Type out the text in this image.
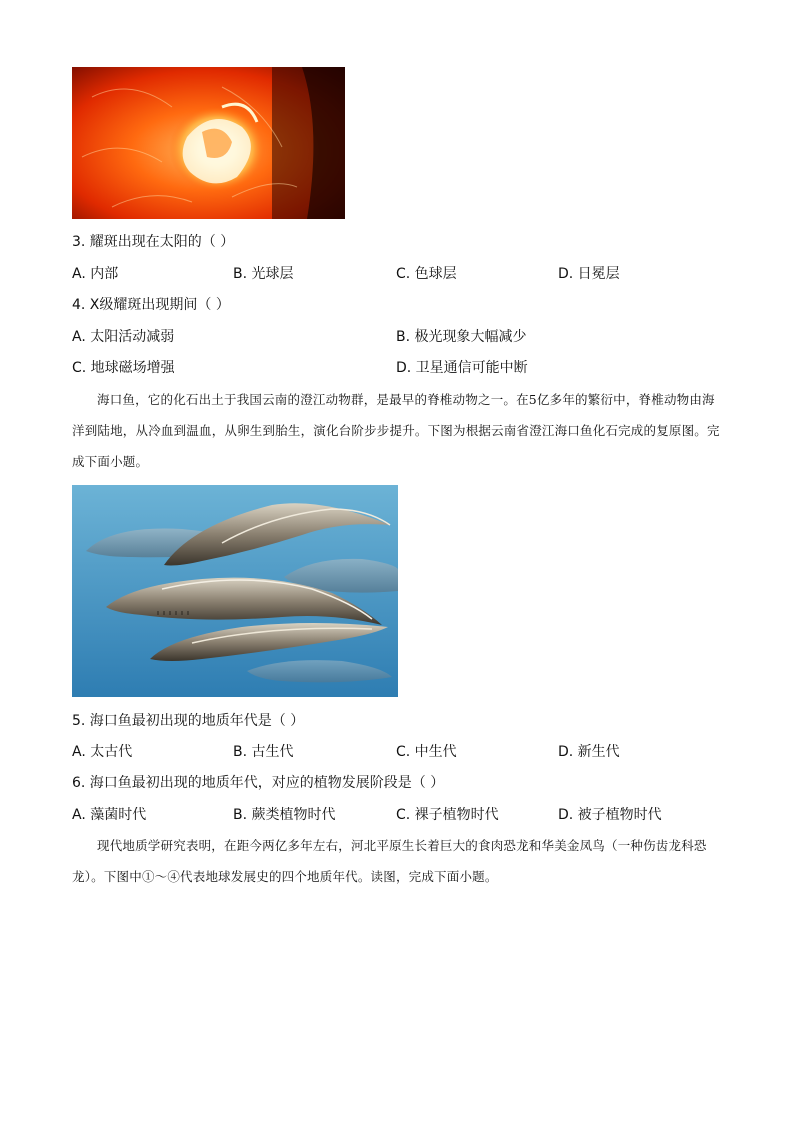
3. 耀斑出现在太阳的（ ）
A. 内部	B. 光球层	C. 色球层	D. 日冕层
4. X级耀斑出现期间（ ）
A. 太阳活动减弱	B. 极光现象大幅减少
C. 地球磁场增强	D. 卫星通信可能中断
海口鱼，它的化石出土于我国云南的澄江动物群，是最早的脊椎动物之一。在5亿多年的繁衍中，脊椎动物由海洋到陆地，从冷血到温血，从卵生到胎生，演化台阶步步提升。下图为根据云南省澄江海口鱼化石完成的复原图。完成下面小题。
5. 海口鱼最初出现的地质年代是（ ）
A. 太古代	B. 古生代	C. 中生代	D. 新生代
6. 海口鱼最初出现的地质年代，对应的植物发展阶段是（ ）
A. 藻菌时代	B. 蕨类植物时代	C. 裸子植物时代	D. 被子植物时代
现代地质学研究表明，在距今两亿多年左右，河北平原生长着巨大的食肉恐龙和华美金凤鸟（一种伤齿龙科恐龙）。下图中①～④代表地球发展史的四个地质年代。读图，完成下面小题。
